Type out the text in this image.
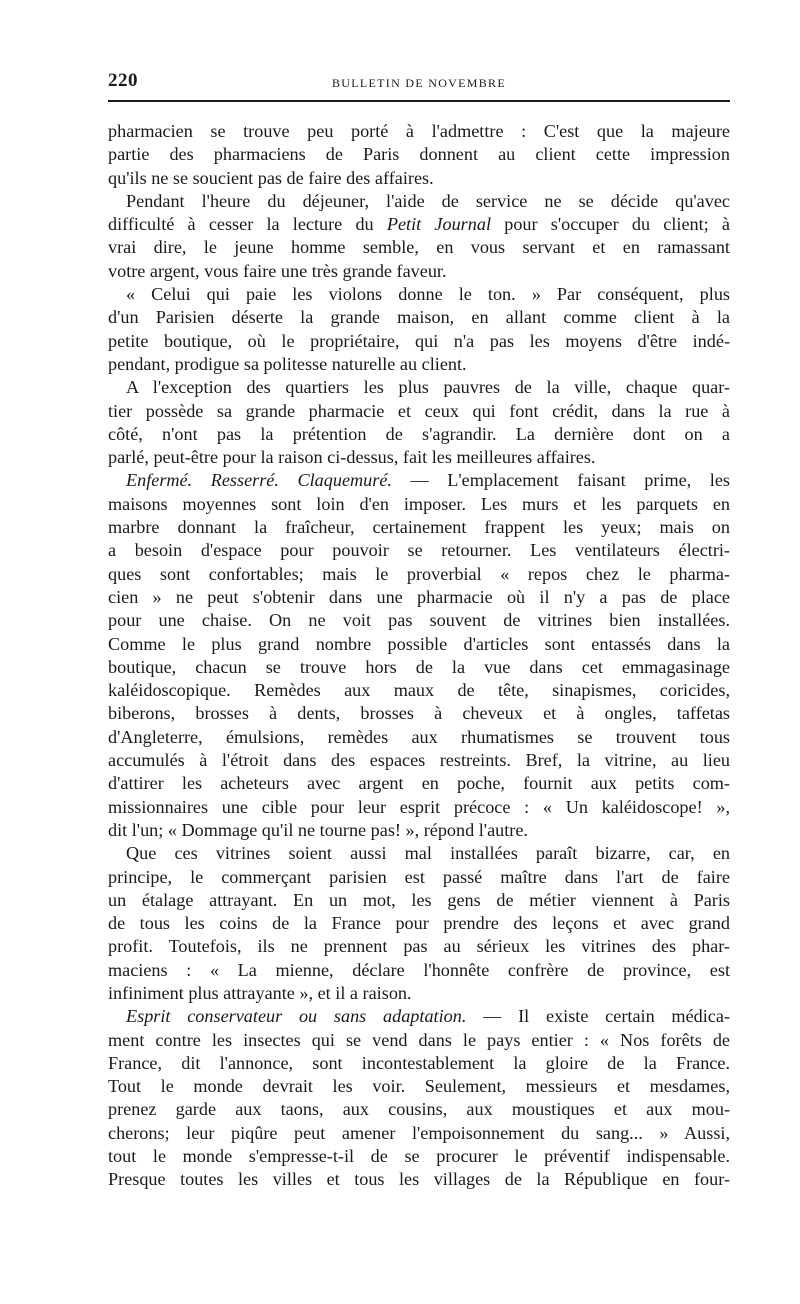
220	BULLETIN DE NOVEMBRE
pharmacien se trouve peu porté à l'admettre : C'est que la majeure
partie des pharmaciens de Paris donnent au client cette impression
qu'ils ne se soucient pas de faire des affaires.
Pendant l'heure du déjeuner, l'aide de service ne se décide qu'avec
difficulté à cesser la lecture du Petit Journal pour s'occuper du client; à
vrai dire, le jeune homme semble, en vous servant et en ramassant
votre argent, vous faire une très grande faveur.
« Celui qui paie les violons donne le ton. » Par conséquent, plus
d'un Parisien déserte la grande maison, en allant comme client à la
petite boutique, où le propriétaire, qui n'a pas les moyens d'être indé-
pendant, prodigue sa politesse naturelle au client.
A l'exception des quartiers les plus pauvres de la ville, chaque quar-
tier possède sa grande pharmacie et ceux qui font crédit, dans la rue à
côté, n'ont pas la prétention de s'agrandir. La dernière dont on a
parlé, peut-être pour la raison ci-dessus, fait les meilleures affaires.
Enfermé. Resserré. Claquemuré. — L'emplacement faisant prime, les
maisons moyennes sont loin d'en imposer. Les murs et les parquets en
marbre donnant la fraîcheur, certainement frappent les yeux; mais on
a besoin d'espace pour pouvoir se retourner. Les ventilateurs électri-
ques sont confortables; mais le proverbial « repos chez le pharma-
cien » ne peut s'obtenir dans une pharmacie où il n'y a pas de place
pour une chaise. On ne voit pas souvent de vitrines bien installées.
Comme le plus grand nombre possible d'articles sont entassés dans la
boutique, chacun se trouve hors de la vue dans cet emmagasinage
kaléidoscopique. Remèdes aux maux de tête, sinapismes, coricides,
biberons, brosses à dents, brosses à cheveux et à ongles, taffetas
d'Angleterre, émulsions, remèdes aux rhumatismes se trouvent tous
accumulés à l'étroit dans des espaces restreints. Bref, la vitrine, au lieu
d'attirer les acheteurs avec argent en poche, fournit aux petits com-
missionnaires une cible pour leur esprit précoce : « Un kaléidoscope! »,
dit l'un; « Dommage qu'il ne tourne pas! », répond l'autre.
Que ces vitrines soient aussi mal installées paraît bizarre, car, en
principe, le commerçant parisien est passé maître dans l'art de faire
un étalage attrayant. En un mot, les gens de métier viennent à Paris
de tous les coins de la France pour prendre des leçons et avec grand
profit. Toutefois, ils ne prennent pas au sérieux les vitrines des phar-
maciens : « La mienne, déclare l'honnête confrère de province, est
infiniment plus attrayante », et il a raison.
Esprit conservateur ou sans adaptation. — Il existe certain médica-
ment contre les insectes qui se vend dans le pays entier : « Nos forêts de
France, dit l'annonce, sont incontestablement la gloire de la France.
Tout le monde devrait les voir. Seulement, messieurs et mesdames,
prenez garde aux taons, aux cousins, aux moustiques et aux mou-
cherons; leur piqûre peut amener l'empoisonnement du sang... » Aussi,
tout le monde s'empresse-t-il de se procurer le préventif indispensable.
Presque toutes les villes et tous les villages de la République en four-
